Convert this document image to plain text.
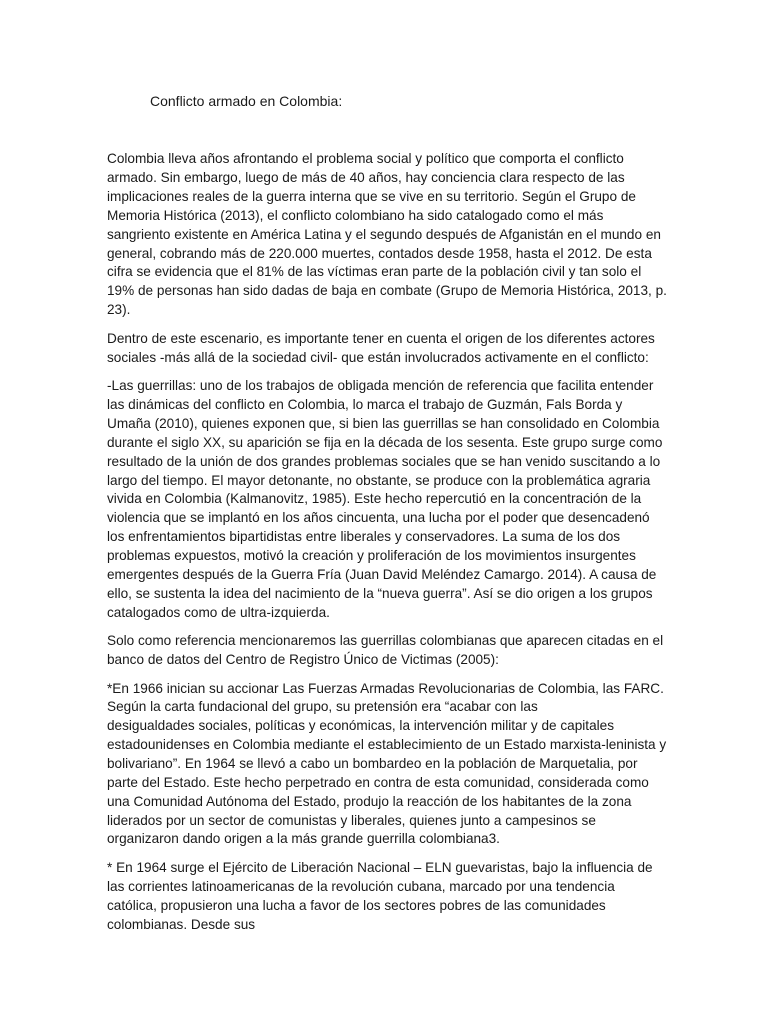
Conflicto armado en Colombia:

Colombia lleva años afrontando el problema social y político que comporta el conflicto armado. Sin embargo, luego de más de 40 años, hay conciencia clara respecto de las implicaciones reales de la guerra interna que se vive en su territorio. Según el Grupo de Memoria Histórica (2013), el conflicto colombiano ha sido catalogado como el más sangriento existente en América Latina y el segundo después de Afganistán en el mundo en general, cobrando más de 220.000 muertes, contados desde 1958, hasta el 2012. De esta cifra se evidencia que el 81% de las víctimas eran parte de la población civil y tan solo el 19% de personas han sido dadas de baja en combate (Grupo de Memoria Histórica, 2013, p. 23).

Dentro de este escenario, es importante tener en cuenta el origen de los diferentes actores sociales -más allá de la sociedad civil- que están involucrados activamente en el conflicto:

-Las guerrillas: uno de los trabajos de obligada mención de referencia que facilita entender las dinámicas del conflicto en Colombia, lo marca el trabajo de Guzmán, Fals Borda y Umaña (2010), quienes exponen que, si bien las guerrillas se han consolidado en Colombia durante el siglo XX, su aparición se fija en la década de los sesenta. Este grupo surge como resultado de la unión de dos grandes problemas sociales que se han venido suscitando a lo largo del tiempo. El mayor detonante, no obstante, se produce con la problemática agraria vivida en Colombia (Kalmanovitz, 1985). Este hecho repercutió en la concentración de la violencia que se implantó en los años cincuenta, una lucha por el poder que desencadenó los enfrentamientos bipartidistas entre liberales y conservadores. La suma de los dos problemas expuestos, motivó la creación y proliferación de los movimientos insurgentes emergentes después de la Guerra Fría (Juan David Meléndez Camargo. 2014). A causa de ello, se sustenta la idea del nacimiento de la “nueva guerra”. Así se dio origen a los grupos catalogados como de ultra-izquierda.

Solo como referencia mencionaremos las guerrillas colombianas que aparecen citadas en el banco de datos del Centro de Registro Único de Victimas (2005):

*En 1966 inician su accionar Las Fuerzas Armadas Revolucionarias de Colombia, las FARC. Según la carta fundacional del grupo, su pretensión era “acabar con las

desigualdades sociales, políticas y económicas, la intervención militar y de capitales estadounidenses en Colombia mediante el establecimiento de un Estado marxista-leninista y bolivariano”. En 1964 se llevó a cabo un bombardeo en la población de Marquetalia, por parte del Estado. Este hecho perpetrado en contra de esta comunidad, considerada como una Comunidad Autónoma del Estado, produjo la reacción de los habitantes de la zona liderados por un sector de comunistas y liberales, quienes junto a campesinos se organizaron dando origen a la más grande guerrilla colombiana3.

* En 1964 surge el Ejército de Liberación Nacional – ELN guevaristas, bajo la influencia de las corrientes latinoamericanas de la revolución cubana, marcado por una tendencia católica, propusieron una lucha a favor de los sectores pobres de las comunidades colombianas. Desde sus
